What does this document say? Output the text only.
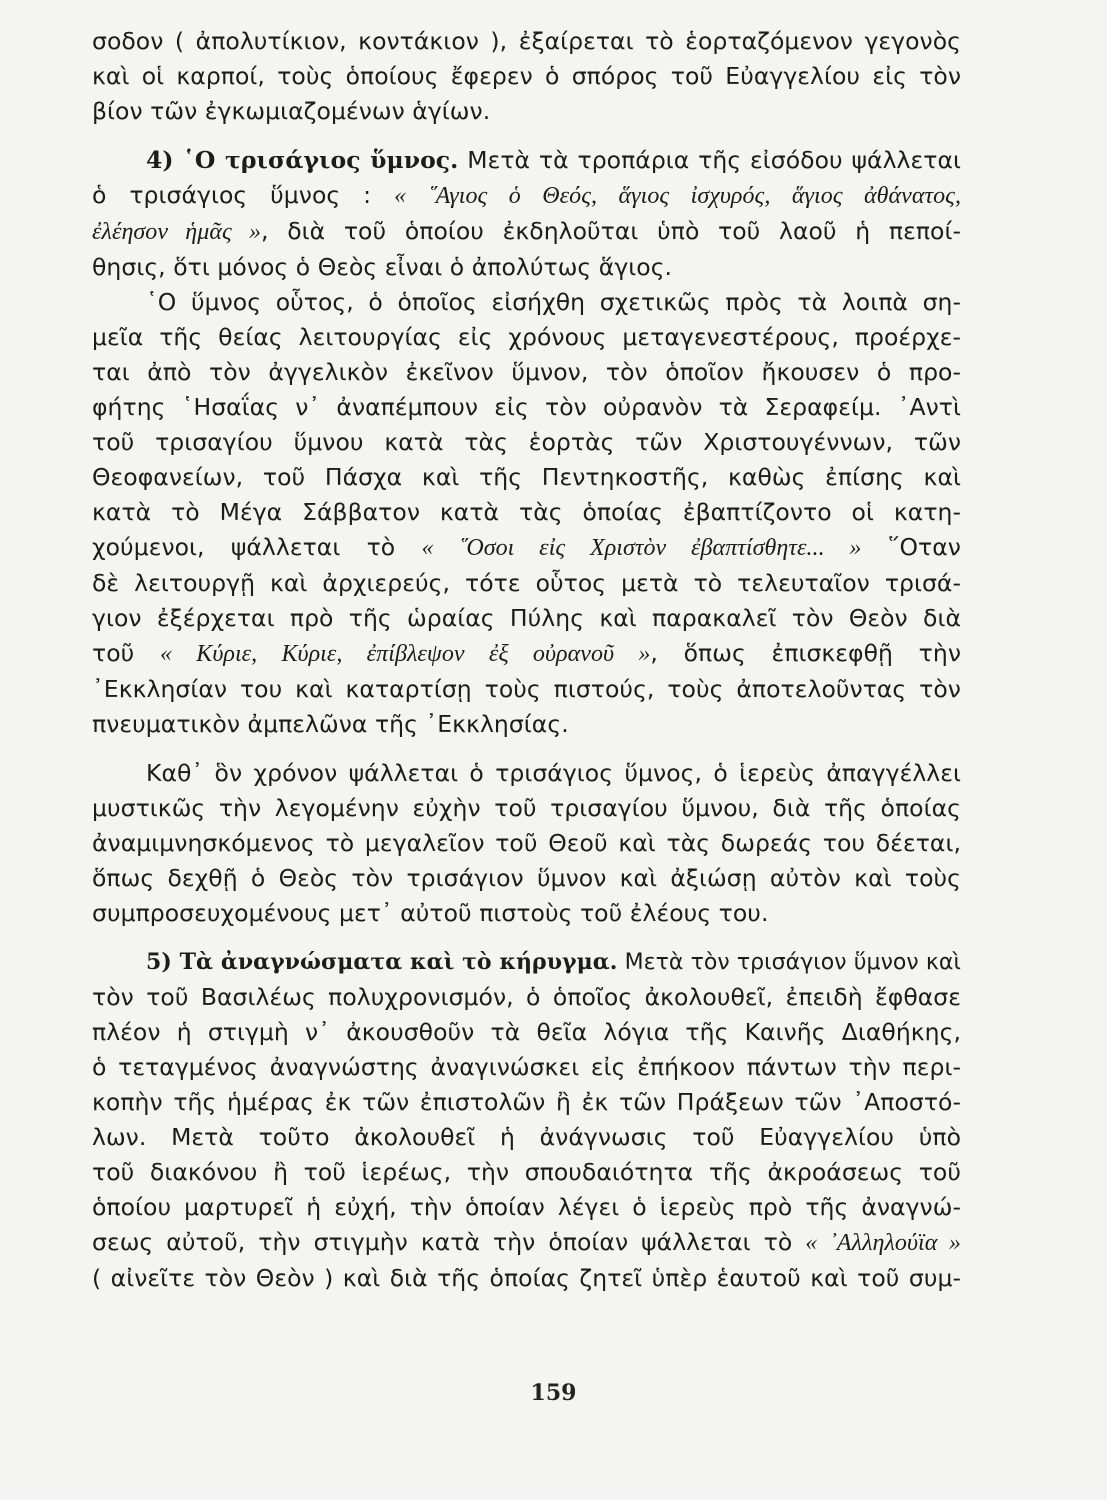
σοδον ( ἀπολυτίκιον, κοντάκιον ), ἐξαίρεται τὸ ἑορταζόμενον γεγονὸς
καὶ οἱ καρποί, τοὺς ὁποίους ἔφερεν ὁ σπόρος τοῦ Εὐαγγελίου εἰς τὸν
βίον τῶν ἐγκωμιαζομένων ἁγίων.

4) ῾Ο τρισάγιος ὕμνος. Μετὰ τὰ τροπάρια τῆς εἰσόδου ψάλλεται
ὁ τρισάγιος ὕμνος : « ῞Αγιος ὁ Θεός, ἅγιος ἰσχυρός, ἅγιος ἀθάνατος,
ἐλέησον ἡμᾶς », διὰ τοῦ ὁποίου ἐκδηλοῦται ὑπὸ τοῦ λαοῦ ἡ πεποί-
θησις, ὅτι μόνος ὁ Θεὸς εἶναι ὁ ἀπολύτως ἅγιος.

῾Ο ὕμνος οὗτος, ὁ ὁποῖος εἰσήχθη σχετικῶς πρὸς τὰ λοιπὰ ση-
μεῖα τῆς θείας λειτουργίας εἰς χρόνους μεταγενεστέρους, προέρχε-
ται ἀπὸ τὸν ἀγγελικὸν ἐκεῖνον ὕμνον, τὸν ὁποῖον ἤκουσεν ὁ προ-
φήτης ῾Ησαΐας ν᾽ ἀναπέμπουν εἰς τὸν οὐρανὸν τὰ Σεραφείμ. ᾽Αντὶ
τοῦ τρισαγίου ὕμνου κατὰ τὰς ἑορτὰς τῶν Χριστουγέννων, τῶν
Θεοφανείων, τοῦ Πάσχα καὶ τῆς Πεντηκοστῆς, καθὼς ἐπίσης καὶ
κατὰ τὸ Μέγα Σάββατον κατὰ τὰς ὁποίας ἐβαπτίζοντο οἱ κατη-
χούμενοι, ψάλλεται τὸ « ῞Οσοι εἰς Χριστὸν ἐβαπτίσθητε... » ῞Οταν
δὲ λειτουργῇ καὶ ἀρχιερεύς, τότε οὗτος μετὰ τὸ τελευταῖον τρισά-
γιον ἐξέρχεται πρὸ τῆς ὡραίας Πύλης καὶ παρακαλεῖ τὸν Θεὸν διὰ
τοῦ « Κύριε, Κύριε, ἐπίβλεψον ἐξ οὐρανοῦ », ὅπως ἐπισκεφθῇ τὴν
᾽Εκκλησίαν του καὶ καταρτίσῃ τοὺς πιστούς, τοὺς ἀποτελοῦντας τὸν
πνευματικὸν ἀμπελῶνα τῆς ᾽Εκκλησίας.

Καθ᾽ ὃν χρόνον ψάλλεται ὁ τρισάγιος ὕμνος, ὁ ἱερεὺς ἀπαγγέλλει
μυστικῶς τὴν λεγομένην εὐχὴν τοῦ τρισαγίου ὕμνου, διὰ τῆς ὁποίας
ἀναμιμνησκόμενος τὸ μεγαλεῖον τοῦ Θεοῦ καὶ τὰς δωρεάς του δέεται,
ὅπως δεχθῇ ὁ Θεὸς τὸν τρισάγιον ὕμνον καὶ ἀξιώσῃ αὐτὸν καὶ τοὺς
συμπροσευχομένους μετ᾽ αὐτοῦ πιστοὺς τοῦ ἐλέους του.

5) Τὰ ἀναγνώσματα καὶ τὸ κήρυγμα. Μετὰ τὸν τρισάγιον ὕμνον καὶ
τὸν τοῦ Βασιλέως πολυχρονισμόν, ὁ ὁποῖος ἀκολουθεῖ, ἐπειδὴ ἔφθασε
πλέον ἡ στιγμὴ ν᾽ ἀκουσθοῦν τὰ θεῖα λόγια τῆς Καινῆς Διαθήκης,
ὁ τεταγμένος ἀναγνώστης ἀναγινώσκει εἰς ἐπήκοον πάντων τὴν περι-
κοπὴν τῆς ἡμέρας ἐκ τῶν ἐπιστολῶν ἢ ἐκ τῶν Πράξεων τῶν ᾽Αποστό-
λων. Μετὰ τοῦτο ἀκολουθεῖ ἡ ἀνάγνωσις τοῦ Εὐαγγελίου ὑπὸ
τοῦ διακόνου ἢ τοῦ ἱερέως, τὴν σπουδαιότητα τῆς ἀκροάσεως τοῦ
ὁποίου μαρτυρεῖ ἡ εὐχή, τὴν ὁποίαν λέγει ὁ ἱερεὺς πρὸ τῆς ἀναγνώ-
σεως αὐτοῦ, τὴν στιγμὴν κατὰ τὴν ὁποίαν ψάλλεται τὸ « ᾽Αλληλούϊα »
( αἰνεῖτε τὸν Θεὸν ) καὶ διὰ τῆς ὁποίας ζητεῖ ὑπὲρ ἑαυτοῦ καὶ τοῦ συμ-

159
